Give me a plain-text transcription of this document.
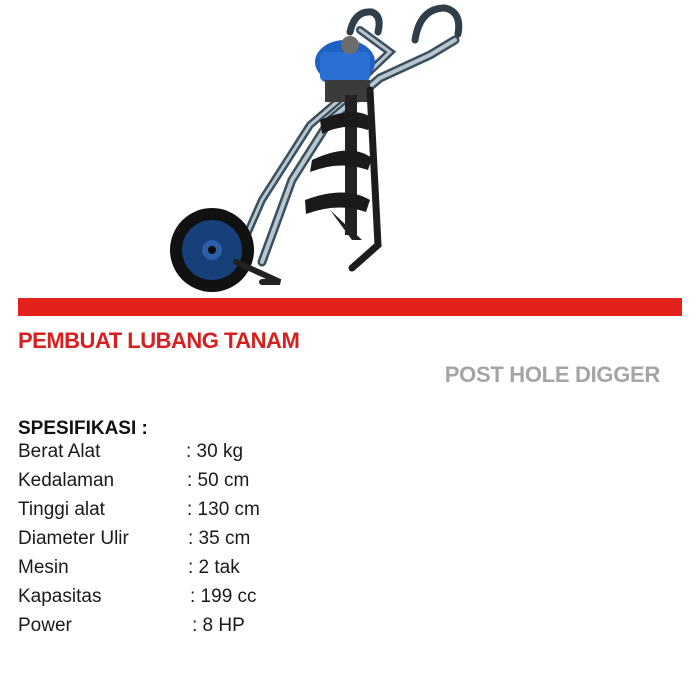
PEMBUAT LUBANG TANAM
POST HOLE DIGGER
SPESIFIKASI :
Berat Alat	: 30 kg
Kedalaman	: 50 cm
Tinggi alat	: 130 cm
Diameter Ulir	: 35 cm
Mesin	: 2 tak
Kapasitas	: 199 cc
Power	: 8 HP
